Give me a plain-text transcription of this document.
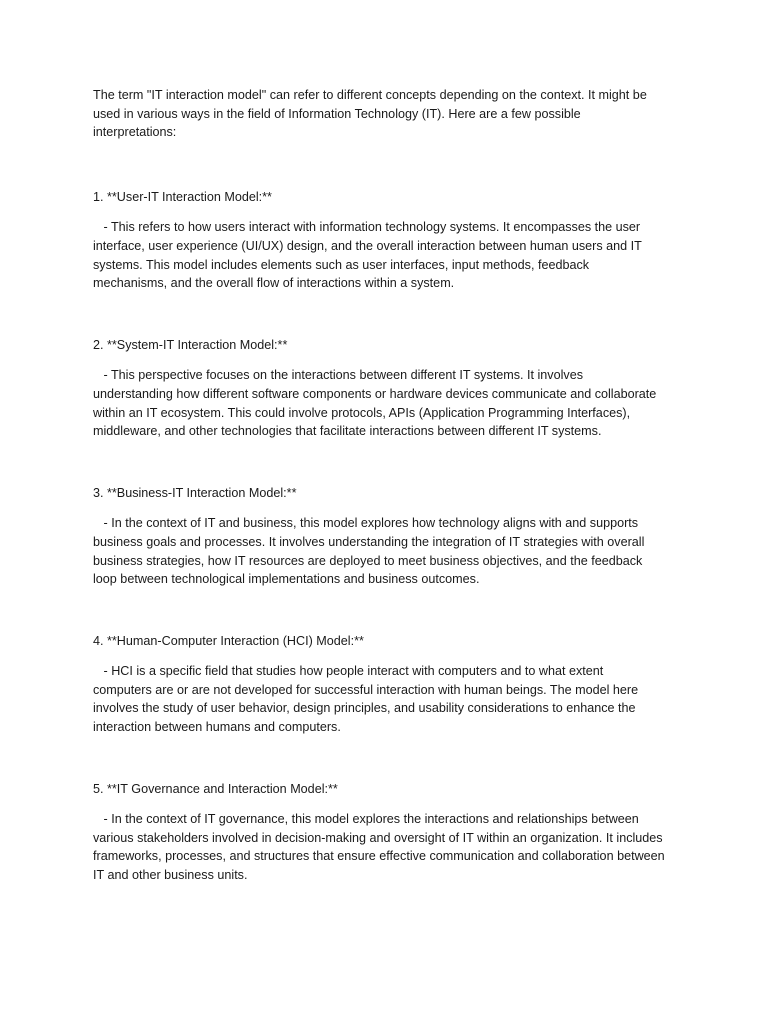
The term "IT interaction model" can refer to different concepts depending on the context. It might be used in various ways in the field of Information Technology (IT). Here are a few possible interpretations:

1. **User-IT Interaction Model:**

- This refers to how users interact with information technology systems. It encompasses the user interface, user experience (UI/UX) design, and the overall interaction between human users and IT systems. This model includes elements such as user interfaces, input methods, feedback mechanisms, and the overall flow of interactions within a system.

2. **System-IT Interaction Model:**

- This perspective focuses on the interactions between different IT systems. It involves understanding how different software components or hardware devices communicate and collaborate within an IT ecosystem. This could involve protocols, APIs (Application Programming Interfaces), middleware, and other technologies that facilitate interactions between different IT systems.

3. **Business-IT Interaction Model:**

- In the context of IT and business, this model explores how technology aligns with and supports business goals and processes. It involves understanding the integration of IT strategies with overall business strategies, how IT resources are deployed to meet business objectives, and the feedback loop between technological implementations and business outcomes.

4. **Human-Computer Interaction (HCI) Model:**

- HCI is a specific field that studies how people interact with computers and to what extent computers are or are not developed for successful interaction with human beings. The model here involves the study of user behavior, design principles, and usability considerations to enhance the interaction between humans and computers.

5. **IT Governance and Interaction Model:**

- In the context of IT governance, this model explores the interactions and relationships between various stakeholders involved in decision-making and oversight of IT within an organization. It includes frameworks, processes, and structures that ensure effective communication and collaboration between IT and other business units.
